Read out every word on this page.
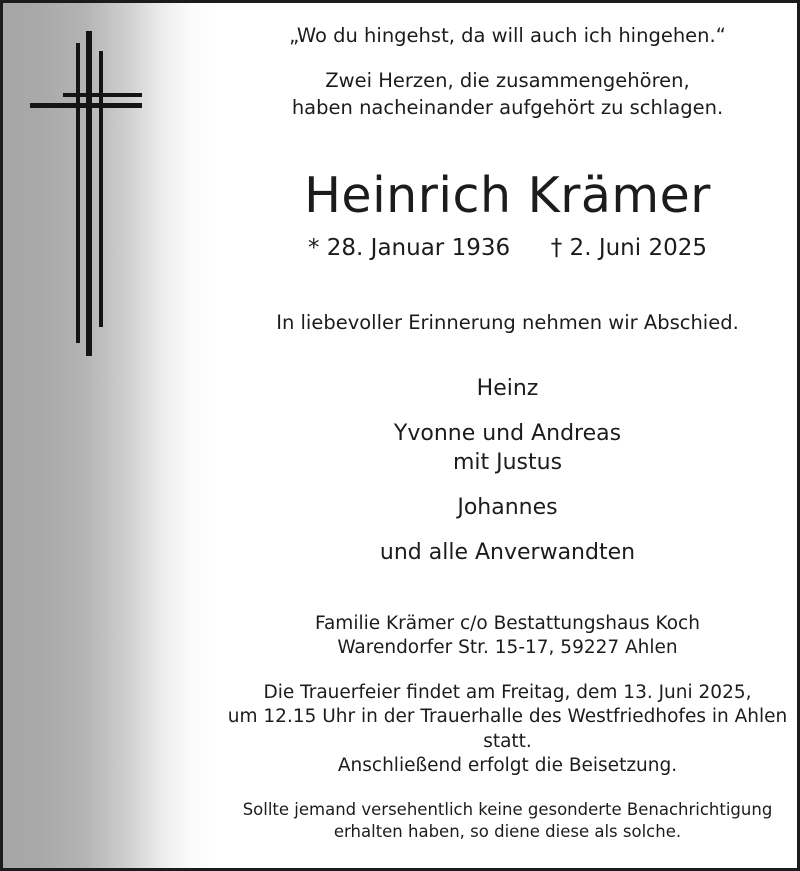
„Wo du hingehst, da will auch ich hingehen.“
Zwei Herzen, die zusammengehören,
haben nacheinander aufgehört zu schlagen.
Heinrich Krämer
* 28. Januar 1936 † 2. Juni 2025
In liebevoller Erinnerung nehmen wir Abschied.
Heinz
Yvonne und Andreas
mit Justus
Johannes
und alle Anverwandten
Familie Krämer c/o Bestattungshaus Koch
Warendorfer Str. 15-17, 59227 Ahlen
Die Trauerfeier findet am Freitag, dem 13. Juni 2025,
um 12.15 Uhr in der Trauerhalle des Westfriedhofes in Ahlen statt.
Anschließend erfolgt die Beisetzung.
Sollte jemand versehentlich keine gesonderte Benachrichtigung
erhalten haben, so diene diese als solche.
